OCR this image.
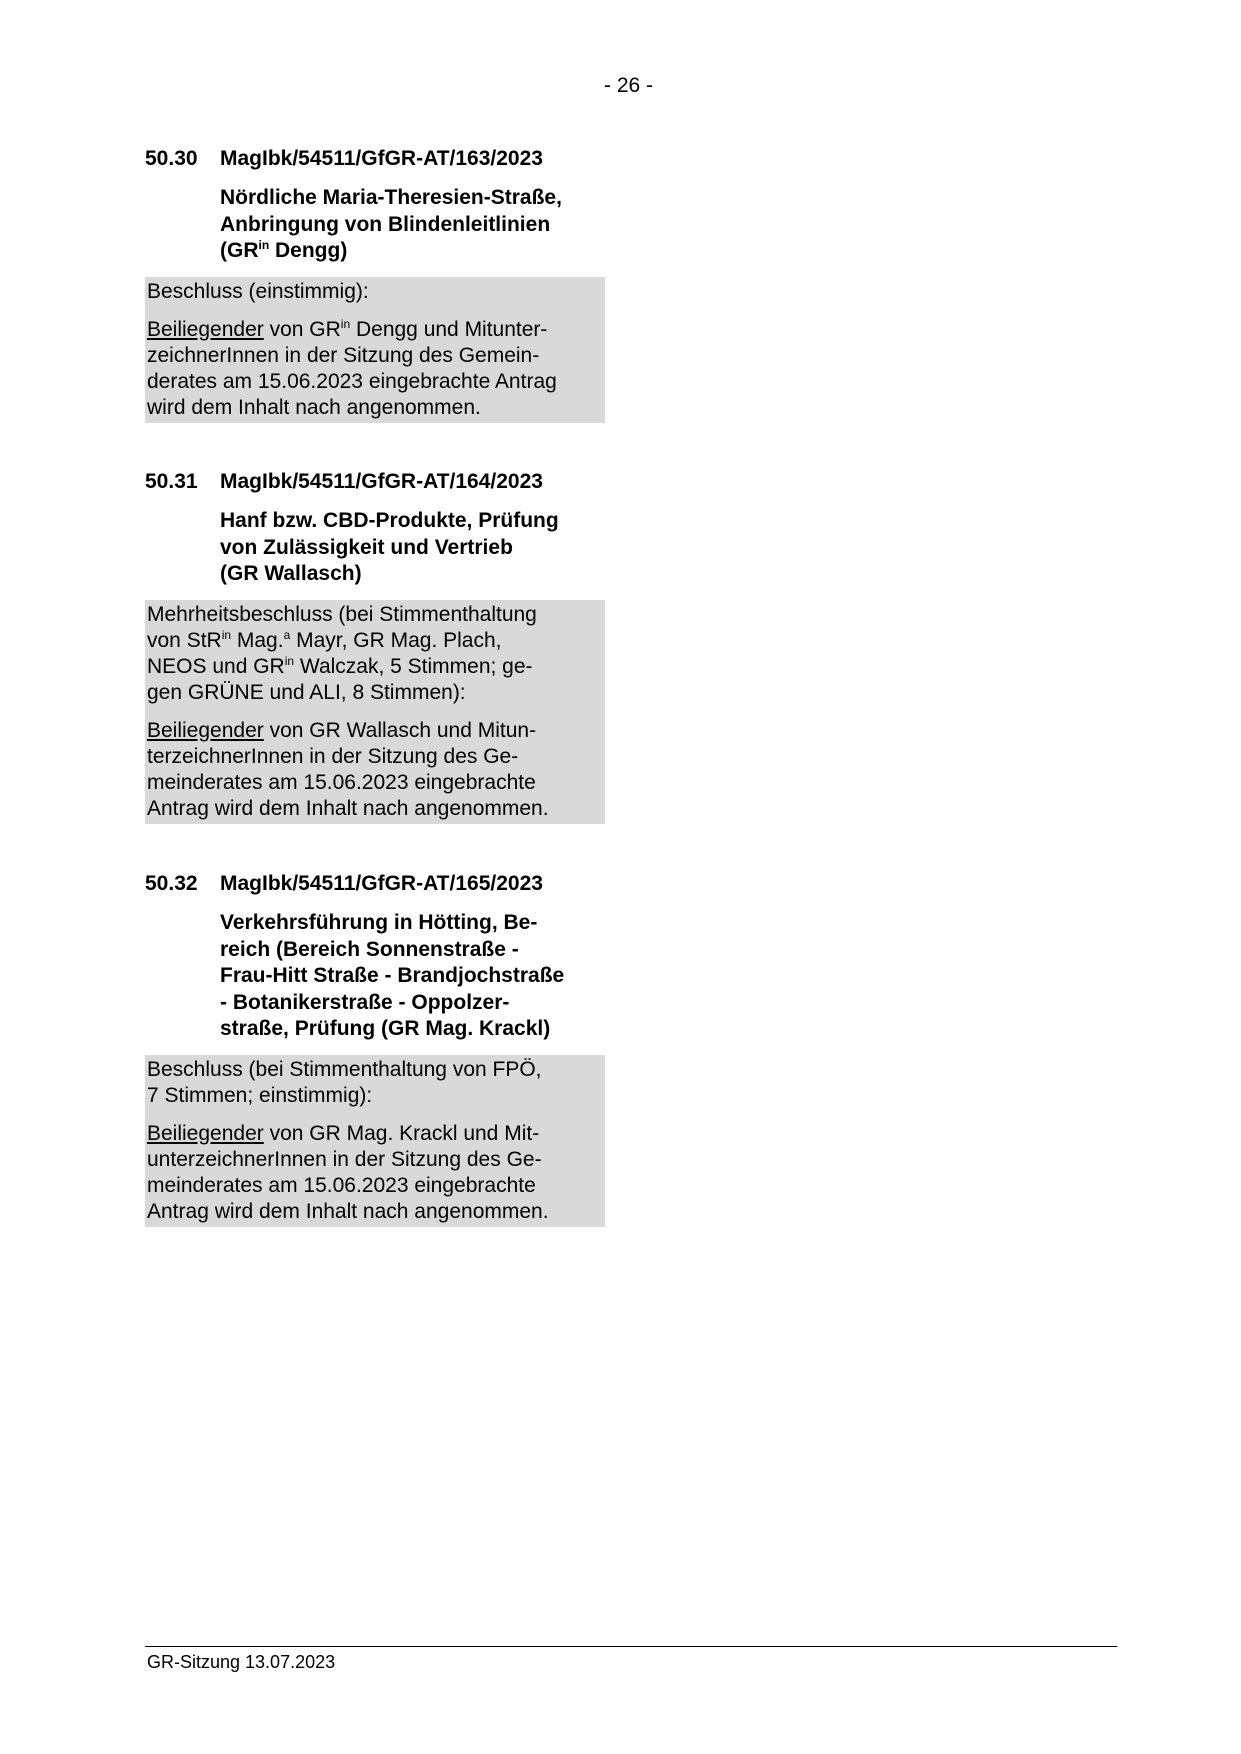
- 26 -
50.30	MagIbk/54511/GfGR-AT/163/2023
Nördliche Maria-Theresien-Straße,
Anbringung von Blindenleitlinien
($GR^{in}$ Dengg)
Beschluss (einstimmig):
Beiliegender von $GR^{in}$ Dengg und Mitunter-
zeichnerInnen in der Sitzung des Gemein-
derates am 15.06.2023 eingebrachte Antrag
wird dem Inhalt nach angenommen.
50.31	MagIbk/54511/GfGR-AT/164/2023
Hanf bzw. CBD-Produkte, Prüfung
von Zulässigkeit und Vertrieb
(GR Wallasch)
Mehrheitsbeschluss (bei Stimmenthaltung
von StR$^{in}$ Mag.$^a$ Mayr, GR Mag. Plach,
NEOS und $GR^{in}$ Walczak, 5 Stimmen; ge-
gen GRÜNE und ALI, 8 Stimmen):
Beiliegender von GR Wallasch und Mitun-
terzeichnerInnen in der Sitzung des Ge-
meinderates am 15.06.2023 eingebrachte
Antrag wird dem Inhalt nach angenommen.
50.32	MagIbk/54511/GfGR-AT/165/2023
Verkehrsführung in Hötting, Be-
reich (Bereich Sonnenstraße -
Frau-Hitt Straße - Brandjochstraße
- Botanikerstraße - Oppolzer-
straße, Prüfung (GR Mag. Krackl)
Beschluss (bei Stimmenthaltung von FPÖ,
7 Stimmen; einstimmig):
Beiliegender von GR Mag. Krackl und Mit-
unterzeichnerInnen in der Sitzung des Ge-
meinderates am 15.06.2023 eingebrachte
Antrag wird dem Inhalt nach angenommen.
GR-Sitzung 13.07.2023
